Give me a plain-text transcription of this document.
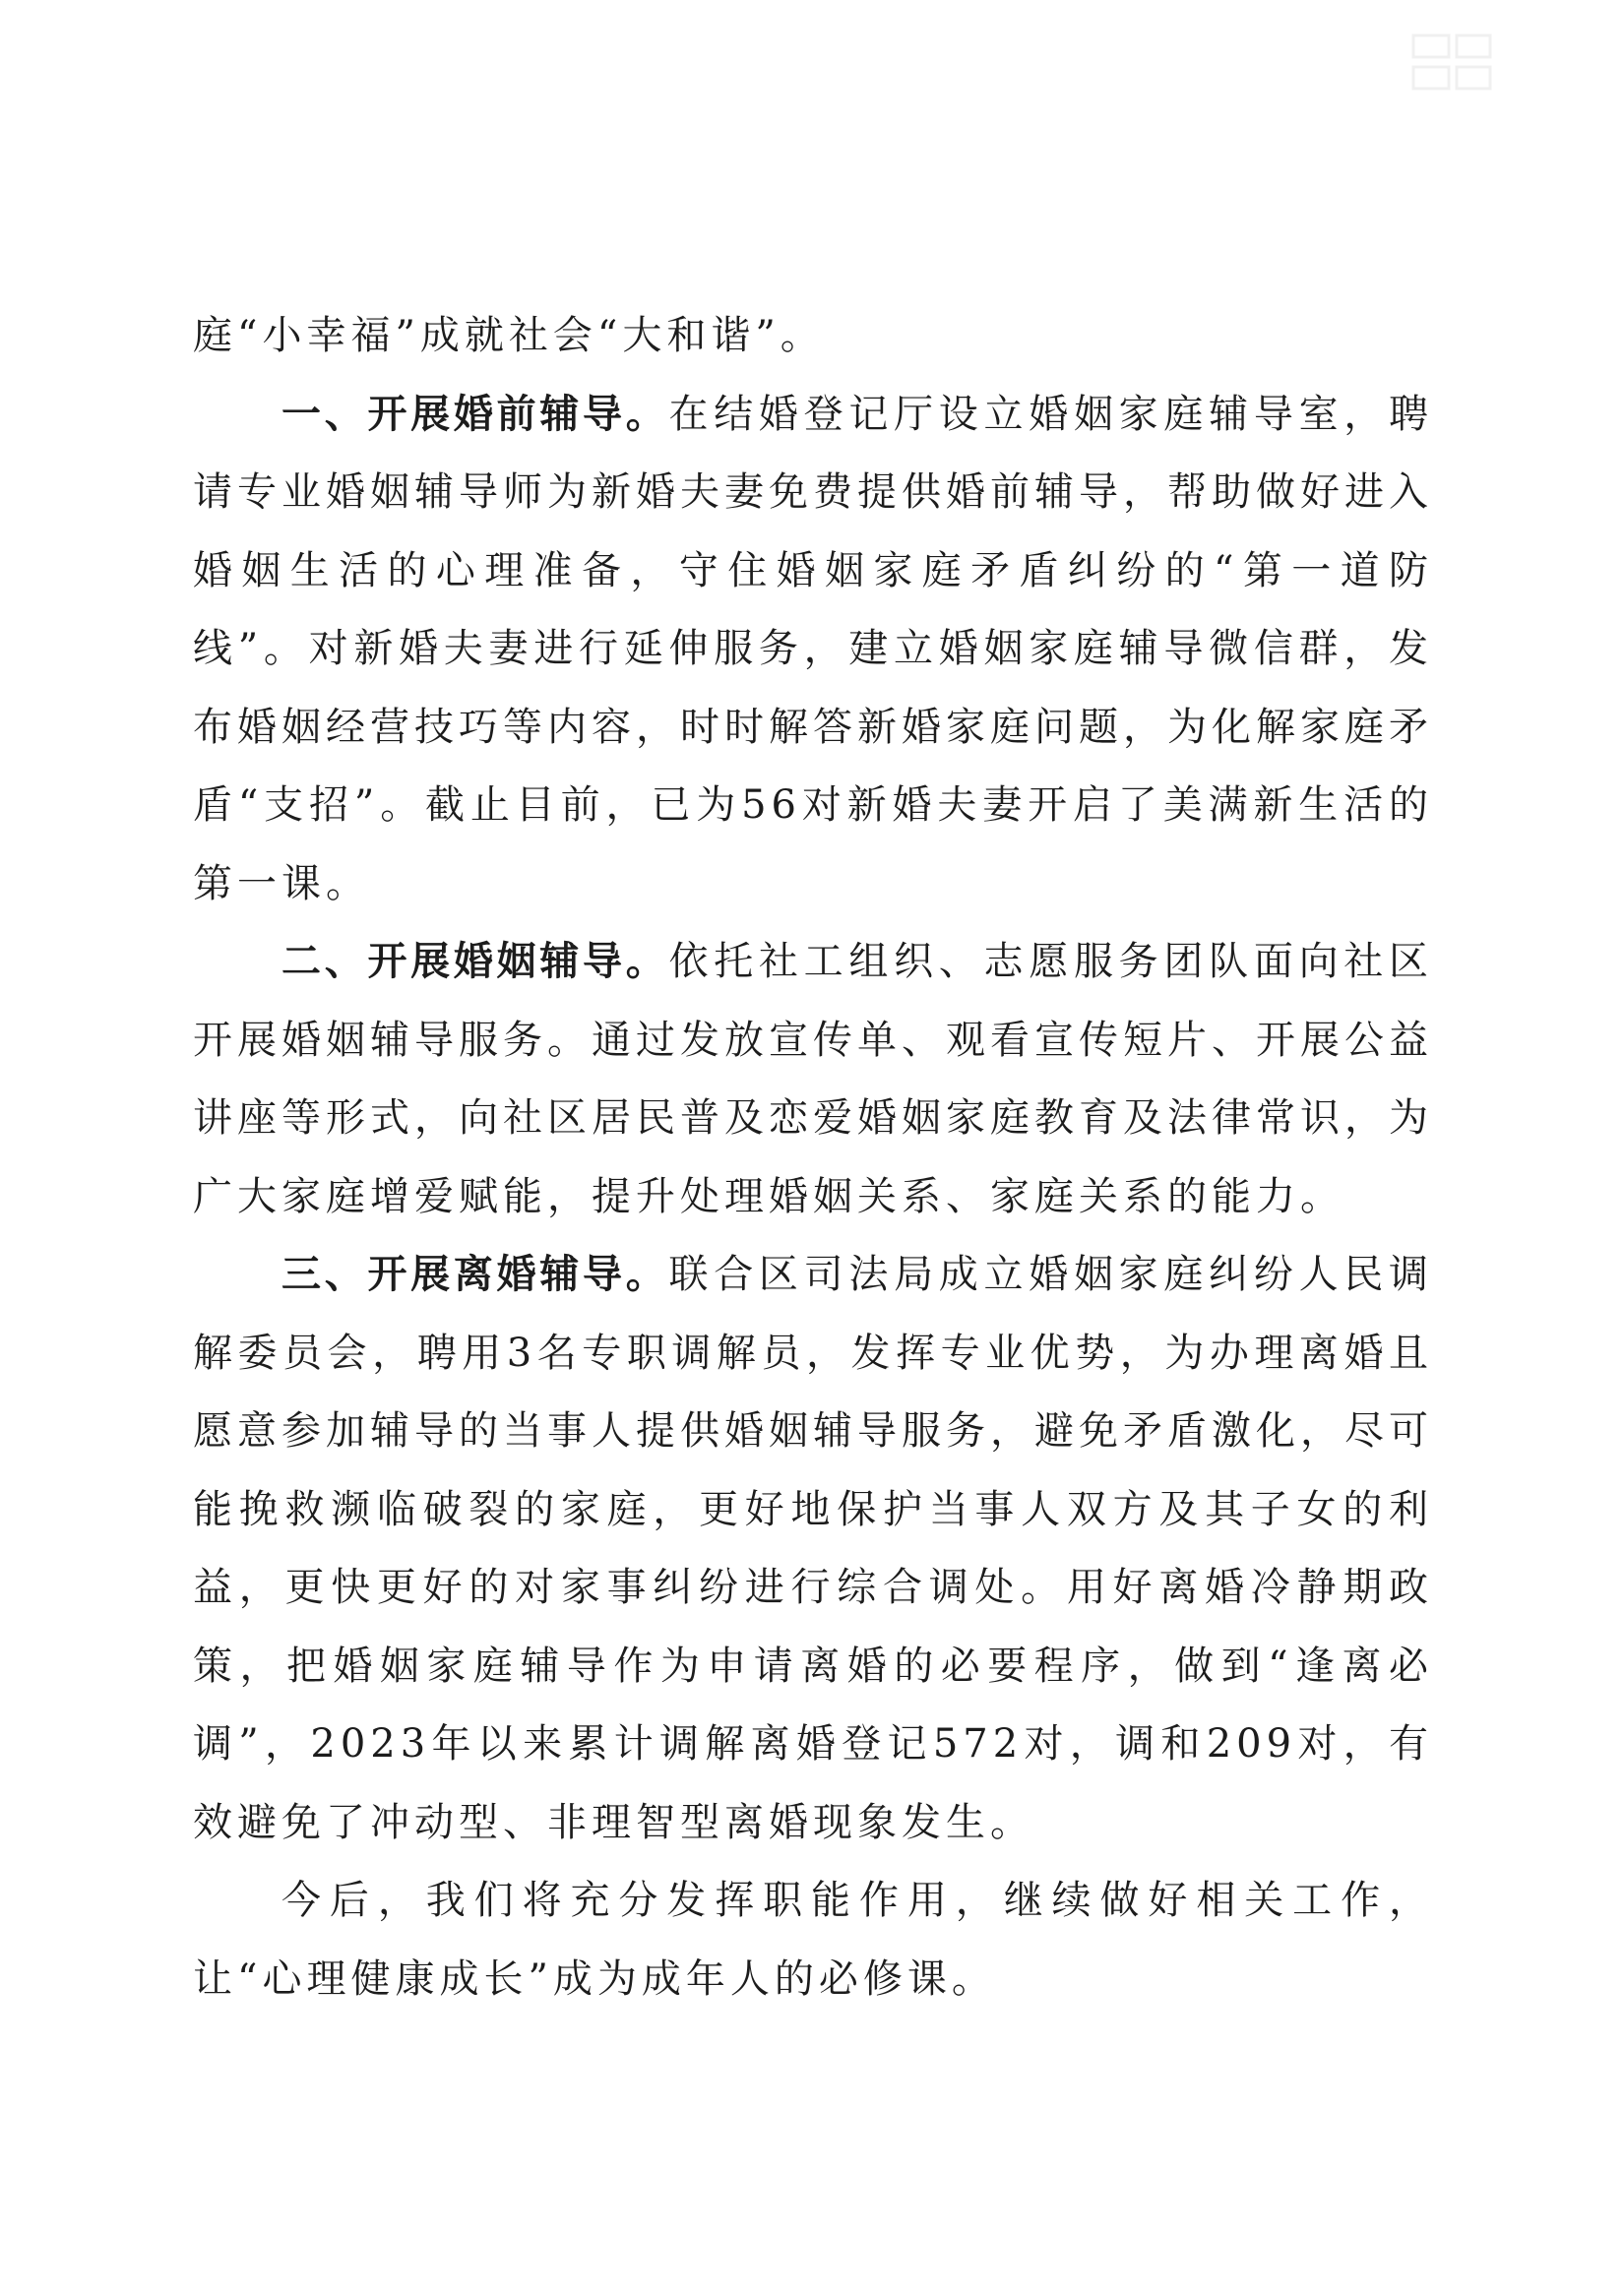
庭“小幸福”成就社会“大和谐”。

一、开展婚前辅导。在结婚登记厅设立婚姻家庭辅导室，聘请专业婚姻辅导师为新婚夫妻免费提供婚前辅导，帮助做好进入婚姻生活的心理准备，守住婚姻家庭矛盾纠纷的“第一道防线”。对新婚夫妻进行延伸服务，建立婚姻家庭辅导微信群，发布婚姻经营技巧等内容，时时解答新婚家庭问题，为化解家庭矛盾“支招”。截止目前，已为56对新婚夫妻开启了美满新生活的第一课。

二、开展婚姻辅导。依托社工组织、志愿服务团队面向社区开展婚姻辅导服务。通过发放宣传单、观看宣传短片、开展公益讲座等形式，向社区居民普及恋爱婚姻家庭教育及法律常识，为广大家庭增爱赋能，提升处理婚姻关系、家庭关系的能力。

三、开展离婚辅导。联合区司法局成立婚姻家庭纠纷人民调解委员会，聘用3名专职调解员，发挥专业优势，为办理离婚且愿意参加辅导的当事人提供婚姻辅导服务，避免矛盾激化，尽可能挽救濒临破裂的家庭，更好地保护当事人双方及其子女的利益，更快更好的对家事纠纷进行综合调处。用好离婚冷静期政策，把婚姻家庭辅导作为申请离婚的必要程序，做到“逢离必调”，2023年以来累计调解离婚登记572对，调和209对，有效避免了冲动型、非理智型离婚现象发生。

今后，我们将充分发挥职能作用，继续做好相关工作，让“心理健康成长”成为成年人的必修课。
